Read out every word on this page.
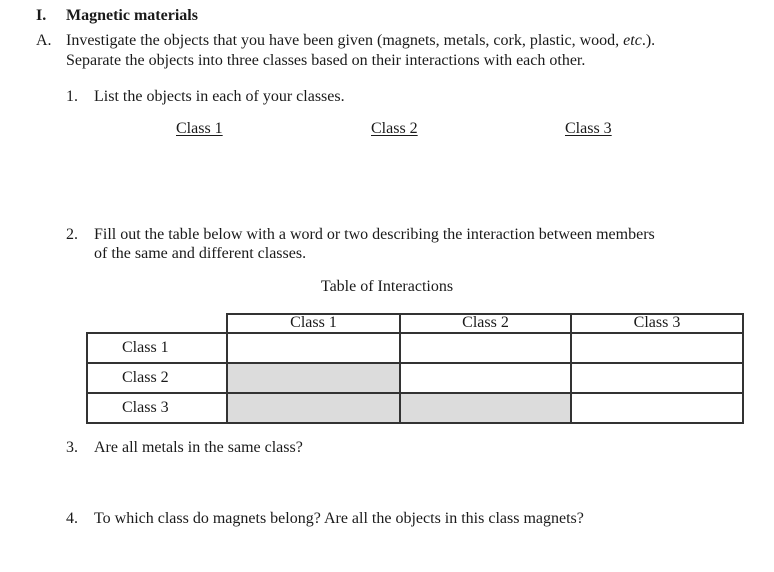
I. Magnetic materials
A. Investigate the objects that you have been given (magnets, metals, cork, plastic, wood, etc.).
Separate the objects into three classes based on their interactions with each other.
1. List the objects in each of your classes.
Class 1	Class 2	Class 3
2. Fill out the table below with a word or two describing the interaction between members
of the same and different classes.
Table of Interactions
	Class 1	Class 2	Class 3
Class 1			
Class 2			
Class 3			
3. Are all metals in the same class?
4. To which class do magnets belong? Are all the objects in this class magnets?
